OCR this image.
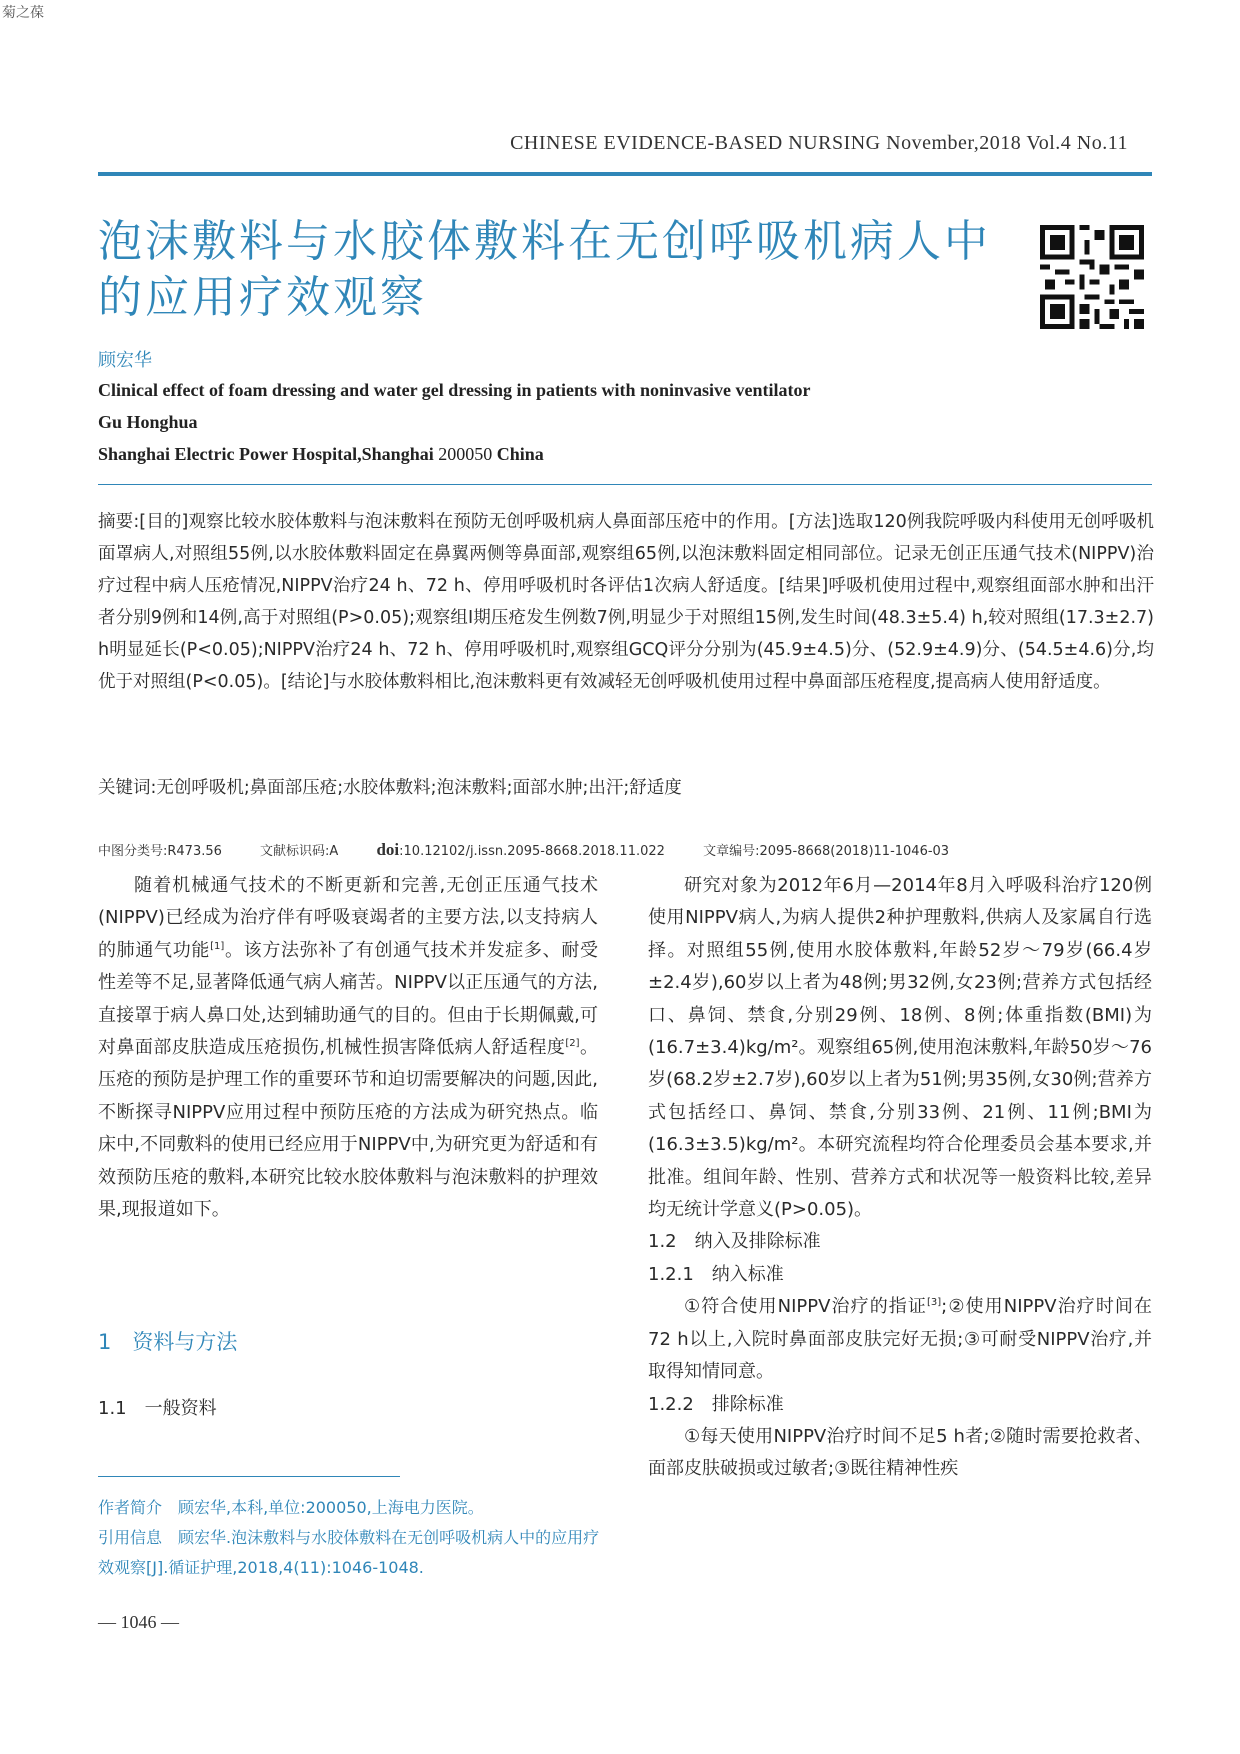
菊之葆
CHINESE EVIDENCE-BASED NURSING November,2018 Vol.4 No.11
泡沫敷料与水胶体敷料在无创呼吸机病人中的应用疗效观察
顾宏华
Clinical effect of foam dressing and water gel dressing in patients with noninvasive ventilator
Gu Honghua
Shanghai Electric Power Hospital,Shanghai 200050 China

摘要:[目的]观察比较水胶体敷料与泡沫敷料在预防无创呼吸机病人鼻面部压疮中的作用。[方法]选取120例我院呼吸内科使用无创呼吸机面罩病人,对照组55例,以水胶体敷料固定在鼻翼两侧等鼻面部,观察组65例,以泡沫敷料固定相同部位。记录无创正压通气技术(NIPPV)治疗过程中病人压疮情况,NIPPV治疗24 h、72 h、停用呼吸机时各评估1次病人舒适度。[结果]呼吸机使用过程中,观察组面部水肿和出汗者分别9例和14例,高于对照组(P>0.05);观察组Ⅰ期压疮发生例数7例,明显少于对照组15例,发生时间(48.3±5.4) h,较对照组(17.3±2.7) h明显延长(P<0.05);NIPPV治疗24 h、72 h、停用呼吸机时,观察组GCQ评分分别为(45.9±4.5)分、(52.9±4.9)分、(54.5±4.6)分,均优于对照组(P<0.05)。[结论]与水胶体敷料相比,泡沫敷料更有效减轻无创呼吸机使用过程中鼻面部压疮程度,提高病人使用舒适度。

关键词:无创呼吸机;鼻面部压疮;水胶体敷料;泡沫敷料;面部水肿;出汗;舒适度

中图分类号:R473.56	文献标识码:A doi:10.12102/j.issn.2095-8668.2018.11.022	文章编号:2095-8668(2018)11-1046-03

随着机械通气技术的不断更新和完善,无创正压通气技术(NIPPV)已经成为治疗伴有呼吸衰竭者的主要方法,以支持病人的肺通气功能[1]。该方法弥补了有创通气技术并发症多、耐受性差等不足,显著降低通气病人痛苦。NIPPV以正压通气的方法,直接罩于病人鼻口处,达到辅助通气的目的。但由于长期佩戴,可对鼻面部皮肤造成压疮损伤,机械性损害降低病人舒适程度[2]。压疮的预防是护理工作的重要环节和迫切需要解决的问题,因此,不断探寻NIPPV应用过程中预防压疮的方法成为研究热点。临床中,不同敷料的使用已经应用于NIPPV中,为研究更为舒适和有效预防压疮的敷料,本研究比较水胶体敷料与泡沫敷料的护理效果,现报道如下。

1　资料与方法
1.1　一般资料

作者简介　顾宏华,本科,单位:200050,上海电力医院。

引用信息　顾宏华.泡沫敷料与水胶体敷料在无创呼吸机病人中的应用疗效观察[J].循证护理,2018,4(11):1046-1048.

— 1046 —

研究对象为2012年6月—2014年8月入呼吸科治疗120例使用NIPPV病人,为病人提供2种护理敷料,供病人及家属自行选择。对照组55例,使用水胶体敷料,年龄52岁～79岁(66.4岁±2.4岁),60岁以上者为48例;男32例,女23例;营养方式包括经口、鼻饲、禁食,分别29例、18例、8例;体重指数(BMI)为(16.7±3.4)kg/m²。观察组65例,使用泡沫敷料,年龄50岁～76岁(68.2岁±2.7岁),60岁以上者为51例;男35例,女30例;营养方式包括经口、鼻饲、禁食,分别33例、21例、11例;BMI为(16.3±3.5)kg/m²。本研究流程均符合伦理委员会基本要求,并批准。组间年龄、性别、营养方式和状况等一般资料比较,差异均无统计学意义(P>0.05)。

1.2　纳入及排除标准

1.2.1　纳入标准

①符合使用NIPPV治疗的指证[3];②使用NIPPV治疗时间在72 h以上,入院时鼻面部皮肤完好无损;③可耐受NIPPV治疗,并取得知情同意。

1.2.2　排除标准

①每天使用NIPPV治疗时间不足5 h者;②随时需要抢救者、面部皮肤破损或过敏者;③既往精神性疾
